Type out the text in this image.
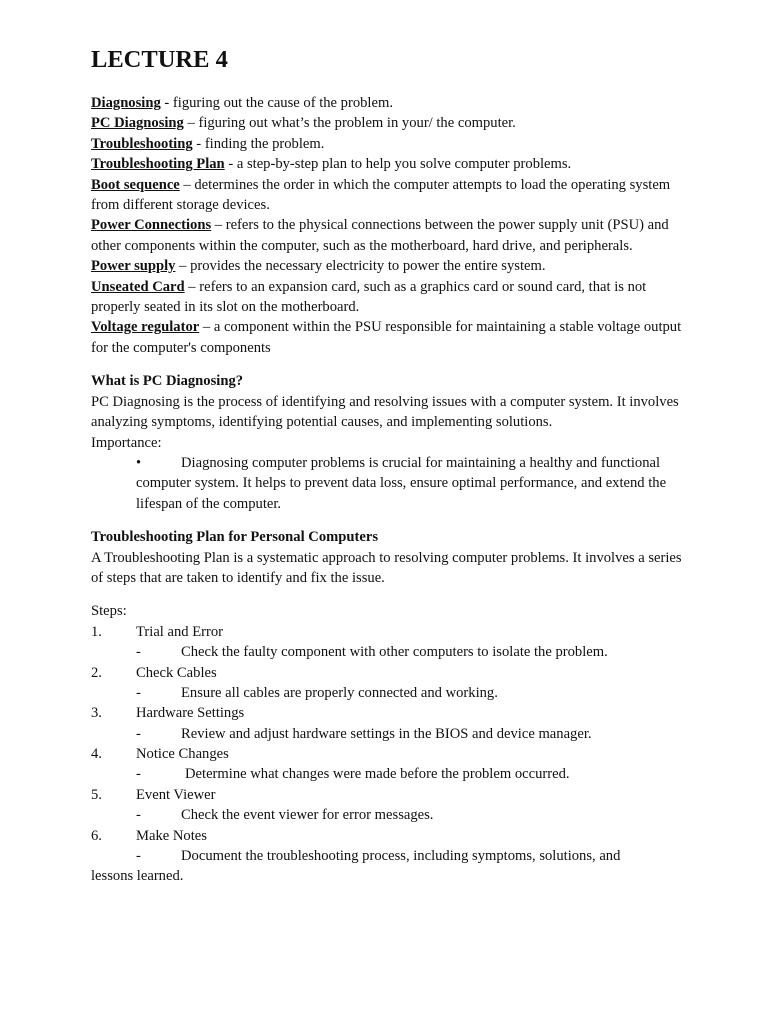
LECTURE 4

Diagnosing - figuring out the cause of the problem.

PC Diagnosing – figuring out what’s the problem in your/ the computer.

Troubleshooting - finding the problem.

Troubleshooting Plan - a step-by-step plan to help you solve computer problems.

Boot sequence – determines the order in which the computer attempts to load the operating system from different storage devices.

Power Connections – refers to the physical connections between the power supply unit (PSU) and other components within the computer, such as the motherboard, hard drive, and peripherals.

Power supply – provides the necessary electricity to power the entire system.

Unseated Card – refers to an expansion card, such as a graphics card or sound card, that is not properly seated in its slot on the motherboard.

Voltage regulator – a component within the PSU responsible for maintaining a stable voltage output for the computer's components

What is PC Diagnosing?

PC Diagnosing is the process of identifying and resolving issues with a computer system. It involves analyzing symptoms, identifying potential causes, and implementing solutions.

Importance:

•	Diagnosing computer problems is crucial for maintaining a healthy and functional computer system. It helps to prevent data loss, ensure optimal performance, and extend the lifespan of the computer.

Troubleshooting Plan for Personal Computers

A Troubleshooting Plan is a systematic approach to resolving computer problems. It involves a series of steps that are taken to identify and fix the issue.

Steps:

1. Trial and Error
-	Check the faulty component with other computers to isolate the problem.
2. Check Cables
-	Ensure all cables are properly connected and working.
3. Hardware Settings
-	Review and adjust hardware settings in the BIOS and device manager.
4. Notice Changes
-	Determine what changes were made before the problem occurred.
5. Event Viewer
-	Check the event viewer for error messages.
6. Make Notes
-	Document the troubleshooting process, including symptoms, solutions, and

lessons learned.
